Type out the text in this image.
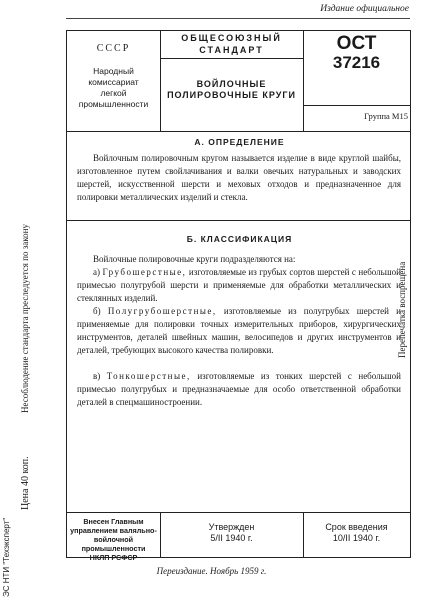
Издание официальное
Несоблюдение стандарта преследуется по закону
Цена 40 коп.
ЭС НТИ "Техэксперт"
Перепечатка воспрещена
СССР
Народный
комиссариат
легкой
промышленности
ОБЩЕСОЮЗНЫЙ
СТАНДАРТ
ВОЙЛОЧНЫЕ
ПОЛИРОВОЧНЫЕ КРУГИ
ОСТ
37216
Группа М15
А. ОПРЕДЕЛЕНИЕ
Войлочным полировочным кругом называется изделие в виде круглой шайбы, изготовленное путем свойлачивания и валки овечьих натуральных и заводских шерстей, искусственной шерсти и меховых отходов и предназначенное для полировки металлических изделий и стекла.
Б. КЛАССИФИКАЦИЯ
Войлочные полировочные круги подразделяются на:
а) Грубошерстные, изготовляемые из грубых сортов шерстей с небольшой примесью полугрубой шерсти и применяемые для обработки металлических и стеклянных изделий.
б) Полугрубошерстные, изготовляемые из полугрубых шерстей и применяемые для полировки точных измерительных приборов, хирургических инструментов, деталей швейных машин, велосипедов и других инструментов и деталей, требующих высокого качества полировки.
в) Тонкошерстные, изготовляемые из тонких шерстей с небольшой примесью полугрубых и предназначаемые для особо ответственной обработки деталей в спецмашиностроении.
Внесен Главным
управлением валяльно-
войлочной промышленности
НКЛП РСФСР
Утвержден
5/II 1940 г.
Срок введения
10/II 1940 г.
Переиздание. Ноябрь 1959 г.
